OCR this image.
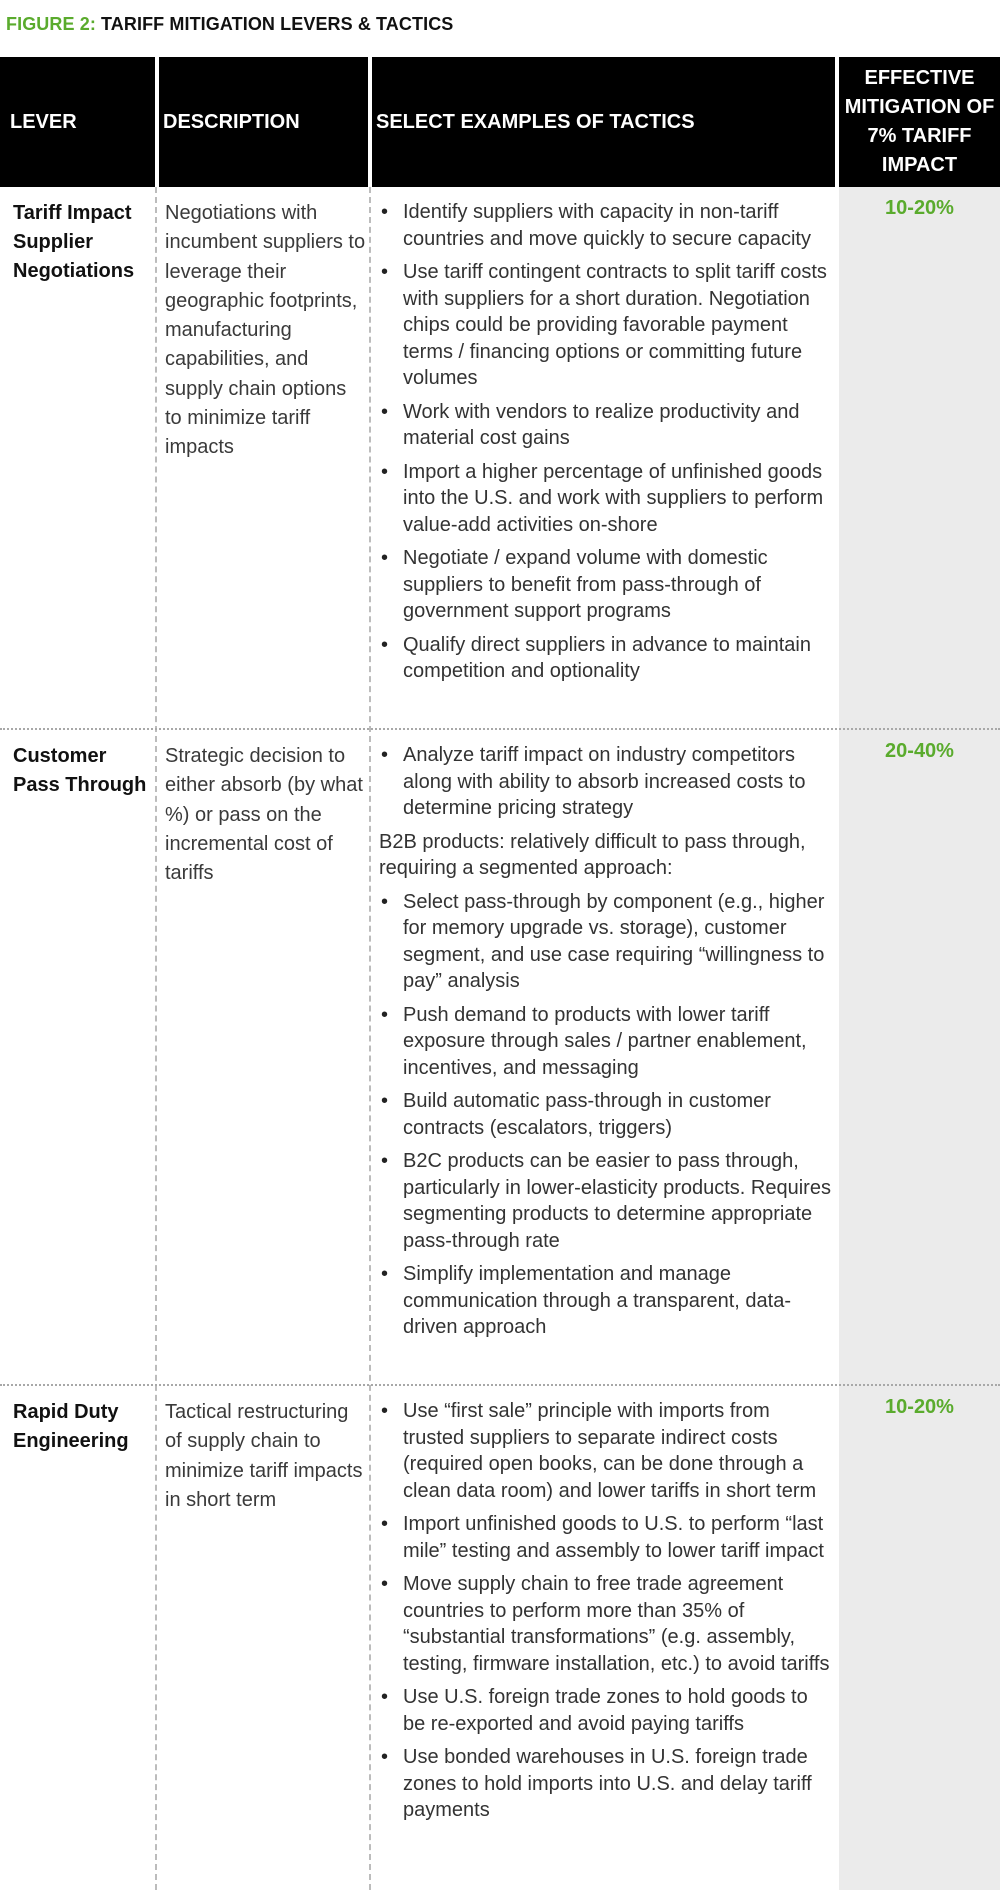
FIGURE 2: TARIFF MITIGATION LEVERS & TACTICS
LEVER	DESCRIPTION	SELECT EXAMPLES OF TACTICS
EFFECTIVE MITIGATION OF 7% TARIFF IMPACT
Tariff Impact Supplier Negotiations
Negotiations with incumbent suppliers to leverage their geographic footprints, manufacturing capabilities, and supply chain options to minimize tariff impacts
• Identify suppliers with capacity in non-tariff countries and move quickly to secure capacity
• Use tariff contingent contracts to split tariff costs with suppliers for a short duration. Negotiation chips could be providing favorable payment terms / financing options or committing future volumes
• Work with vendors to realize productivity and material cost gains
• Import a higher percentage of unfinished goods into the U.S. and work with suppliers to perform value-add activities on-shore
• Negotiate / expand volume with domestic suppliers to benefit from pass-through of government support programs
• Qualify direct suppliers in advance to maintain competition and optionality
10-20%
Customer Pass Through
Strategic decision to either absorb (by what %) or pass on the incremental cost of tariffs
• Analyze tariff impact on industry competitors along with ability to absorb increased costs to determine pricing strategy
B2B products: relatively difficult to pass through, requiring a segmented approach:
• Select pass-through by component (e.g., higher for memory upgrade vs. storage), customer segment, and use case requiring “willingness to pay” analysis
• Push demand to products with lower tariff exposure through sales / partner enablement, incentives, and messaging
• Build automatic pass-through in customer contracts (escalators, triggers)
• B2C products can be easier to pass through, particularly in lower-elasticity products. Requires segmenting products to determine appropriate pass-through rate
• Simplify implementation and manage communication through a transparent, data-driven approach
20-40%
Rapid Duty Engineering
Tactical restructuring of supply chain to minimize tariff impacts in short term
• Use “first sale” principle with imports from trusted suppliers to separate indirect costs (required open books, can be done through a clean data room) and lower tariffs in short term
• Import unfinished goods to U.S. to perform “last mile” testing and assembly to lower tariff impact
• Move supply chain to free trade agreement countries to perform more than 35% of “substantial transformations” (e.g. assembly, testing, firmware installation, etc.) to avoid tariffs
• Use U.S. foreign trade zones to hold goods to be re-exported and avoid paying tariffs
• Use bonded warehouses in U.S. foreign trade zones to hold imports into U.S. and delay tariff payments
10-20%
